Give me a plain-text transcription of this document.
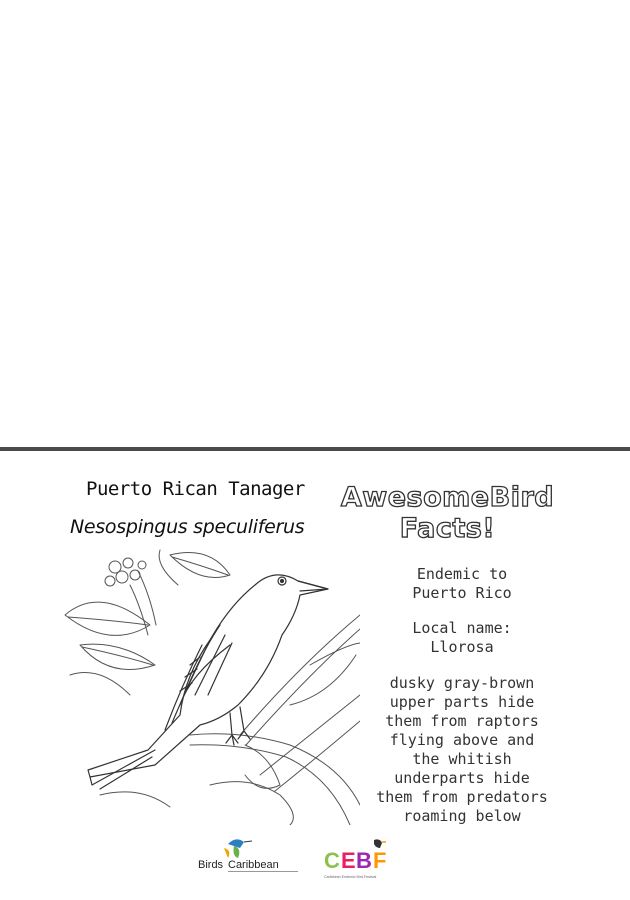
Puerto Rican Tanager
Nesospingus speculiferus
AwesomeBird
Facts!
Endemic to
Puerto Rico
Local name:
Llorosa
dusky gray-brown
upper parts hide
them from raptors
flying above and
the whitish
underparts hide
them from predators
roaming below
Birds Caribbean C E B F
Caribbean Endemic Bird Festival
